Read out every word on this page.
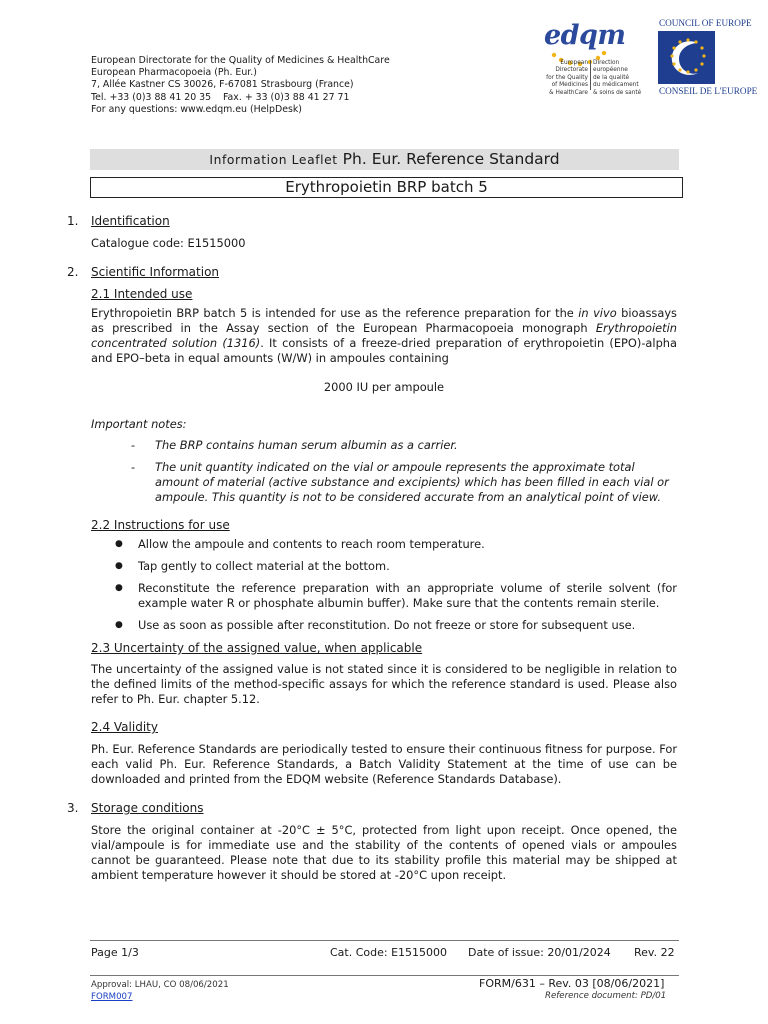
European Directorate for the Quality of Medicines & HealthCare
European Pharmacopoeia (Ph. Eur.)
7, Allée Kastner CS 30026, F-67081 Strasbourg (France)
Tel. +33 (0)3 88 41 20 35    Fax. + 33 (0)3 88 41 27 71
For any questions: www.edqm.eu (HelpDesk)
edqm
European Directorate
for the Quality
of Medicines
& HealthCare
Direction européenne
de la qualité
du médicament
& soins de santé
COUNCIL OF EUROPE
CONSEIL DE L'EUROPE
Information Leaflet Ph. Eur. Reference Standard
Erythropoietin BRP batch 5
1. Identification
Catalogue code: E1515000
2. Scientific Information
2.1 Intended use
Erythropoietin BRP batch 5 is intended for use as the reference preparation for the in vivo bioassays as prescribed in the Assay section of the European Pharmacopoeia monograph Erythropoietin concentrated solution (1316). It consists of a freeze-dried preparation of erythropoietin (EPO)-alpha and EPO–beta in equal amounts (W/W) in ampoules containing
2000 IU per ampoule
Important notes:
- The BRP contains human serum albumin as a carrier.
- The unit quantity indicated on the vial or ampoule represents the approximate total amount of material (active substance and excipients) which has been filled in each vial or ampoule. This quantity is not to be considered accurate from an analytical point of view.
2.2 Instructions for use
● Allow the ampoule and contents to reach room temperature.
● Tap gently to collect material at the bottom.
● Reconstitute the reference preparation with an appropriate volume of sterile solvent (for example water R or phosphate albumin buffer). Make sure that the contents remain sterile.
● Use as soon as possible after reconstitution. Do not freeze or store for subsequent use.
2.3 Uncertainty of the assigned value, when applicable
The uncertainty of the assigned value is not stated since it is considered to be negligible in relation to the defined limits of the method-specific assays for which the reference standard is used. Please also refer to Ph. Eur. chapter 5.12.
2.4 Validity
Ph. Eur. Reference Standards are periodically tested to ensure their continuous fitness for purpose. For each valid Ph. Eur. Reference Standards, a Batch Validity Statement at the time of use can be downloaded and printed from the EDQM website (Reference Standards Database).
3. Storage conditions
Store the original container at -20°C ± 5°C, protected from light upon receipt. Once opened, the vial/ampoule is for immediate use and the stability of the contents of opened vials or ampoules cannot be guaranteed. Please note that due to its stability profile this material may be shipped at ambient temperature however it should be stored at -20°C upon receipt.
Page 1/3	Cat. Code: E1515000 Date of issue: 20/01/2024 Rev. 22
Approval: LHAU, CO 08/06/2021
FORM007
FORM/631 – Rev. 03 [08/06/2021]
Reference document: PD/01
